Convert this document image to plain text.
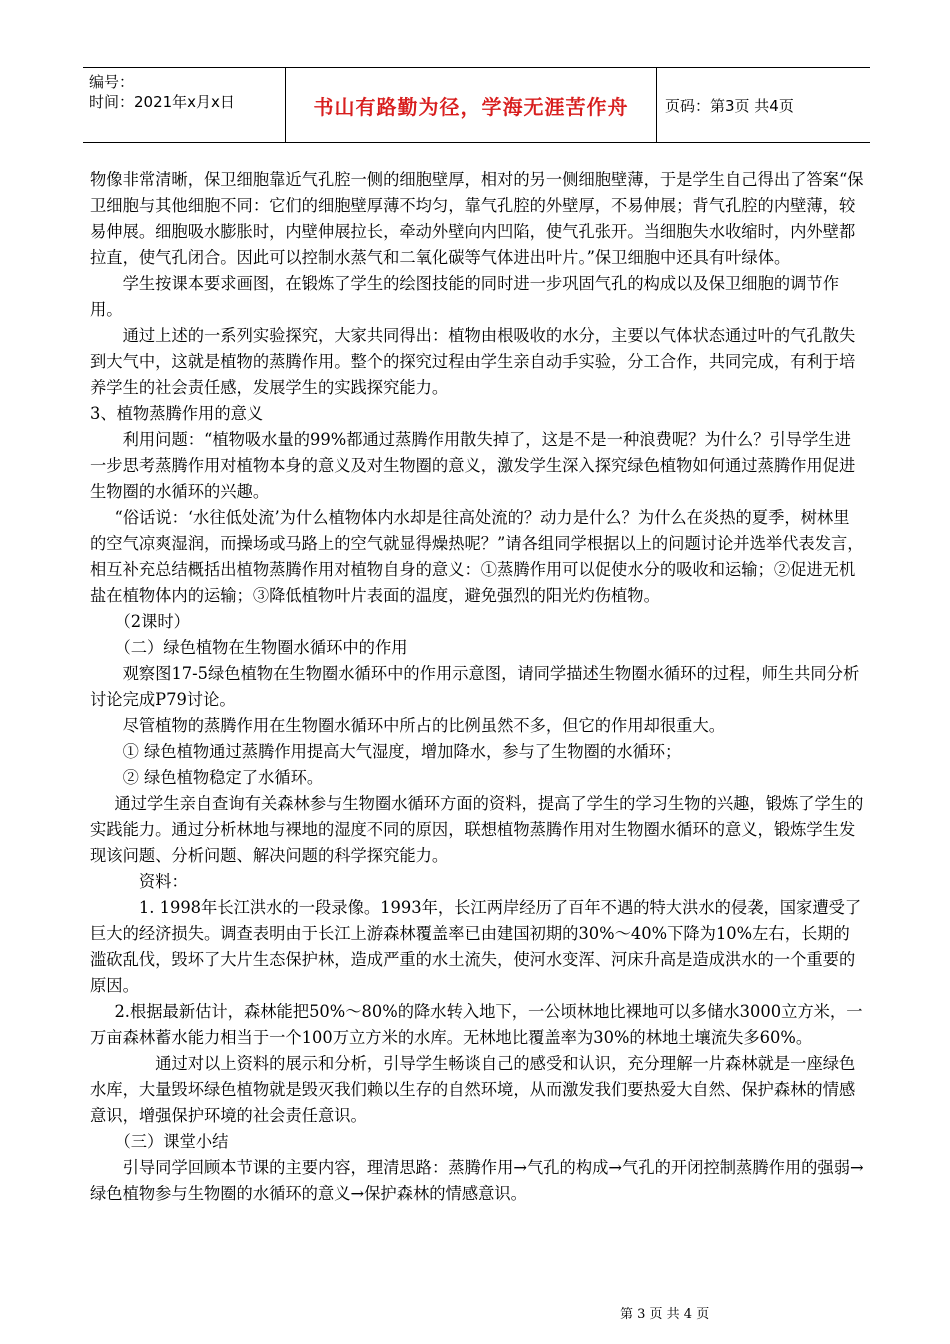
编号：
时间：2021年x月x日	书山有路勤为径，学海无涯苦作舟	页码：第3页 共4页

物像非常清晰，保卫细胞靠近气孔腔一侧的细胞壁厚，相对的另一侧细胞壁薄，于是学生自己得出了答案“保卫细胞与其他细胞不同：它们的细胞壁厚薄不均匀，靠气孔腔的外壁厚，不易伸展；背气孔腔的内壁薄，较易伸展。细胞吸水膨胀时，内壁伸展拉长，牵动外壁向内凹陷，使气孔张开。当细胞失水收缩时，内外壁都拉直，使气孔闭合。因此可以控制水蒸气和二氧化碳等气体进出叶片。”保卫细胞中还具有叶绿体。

学生按课本要求画图，在锻炼了学生的绘图技能的同时进一步巩固气孔的构成以及保卫细胞的调节作用。

通过上述的一系列实验探究，大家共同得出：植物由根吸收的水分，主要以气体状态通过叶的气孔散失到大气中，这就是植物的蒸腾作用。整个的探究过程由学生亲自动手实验，分工合作，共同完成，有利于培养学生的社会责任感，发展学生的实践探究能力。

3、植物蒸腾作用的意义

利用问题：“植物吸水量的99%都通过蒸腾作用散失掉了，这是不是一种浪费呢？为什么？引导学生进一步思考蒸腾作用对植物本身的意义及对生物圈的意义，激发学生深入探究绿色植物如何通过蒸腾作用促进生物圈的水循环的兴趣。

“俗话说：‘水往低处流’为什么植物体内水却是往高处流的？动力是什么？为什么在炎热的夏季，树林里的空气凉爽湿润，而操场或马路上的空气就显得燥热呢？”请各组同学根据以上的问题讨论并选举代表发言，相互补充总结概括出植物蒸腾作用对植物自身的意义：①蒸腾作用可以促使水分的吸收和运输；②促进无机盐在植物体内的运输；③降低植物叶片表面的温度，避免强烈的阳光灼伤植物。

（2课时）

（二）绿色植物在生物圈水循环中的作用

观察图17-5绿色植物在生物圈水循环中的作用示意图，请同学描述生物圈水循环的过程，师生共同分析讨论完成P79讨论。

尽管植物的蒸腾作用在生物圈水循环中所占的比例虽然不多，但它的作用却很重大。

① 绿色植物通过蒸腾作用提高大气湿度，增加降水，参与了生物圈的水循环；

② 绿色植物稳定了水循环。

通过学生亲自查询有关森林参与生物圈水循环方面的资料，提高了学生的学习生物的兴趣，锻炼了学生的实践能力。通过分析林地与裸地的湿度不同的原因，联想植物蒸腾作用对生物圈水循环的意义，锻炼学生发现该问题、分析问题、解决问题的科学探究能力。

资料：

1. 1998年长江洪水的一段录像。1993年，长江两岸经历了百年不遇的特大洪水的侵袭，国家遭受了巨大的经济损失。调查表明由于长江上游森林覆盖率已由建国初期的30%～40%下降为10%左右，长期的滥砍乱伐，毁坏了大片生态保护林，造成严重的水土流失，使河水变浑、河床升高是造成洪水的一个重要的原因。

2.根据最新估计，森林能把50%～80%的降水转入地下，一公顷林地比裸地可以多储水3000立方米，一万亩森林蓄水能力相当于一个100万立方米的水库。无林地比覆盖率为30%的林地土壤流失多60%。

通过对以上资料的展示和分析，引导学生畅谈自己的感受和认识，充分理解一片森林就是一座绿色水库，大量毁坏绿色植物就是毁灭我们赖以生存的自然环境，从而激发我们要热爱大自然、保护森林的情感意识，增强保护环境的社会责任意识。

（三）课堂小结

引导同学回顾本节课的主要内容，理清思路：蒸腾作用→气孔的构成→气孔的开闭控制蒸腾作用的强弱→绿色植物参与生物圈的水循环的意义→保护森林的情感意识。

第 3 页 共 4 页
